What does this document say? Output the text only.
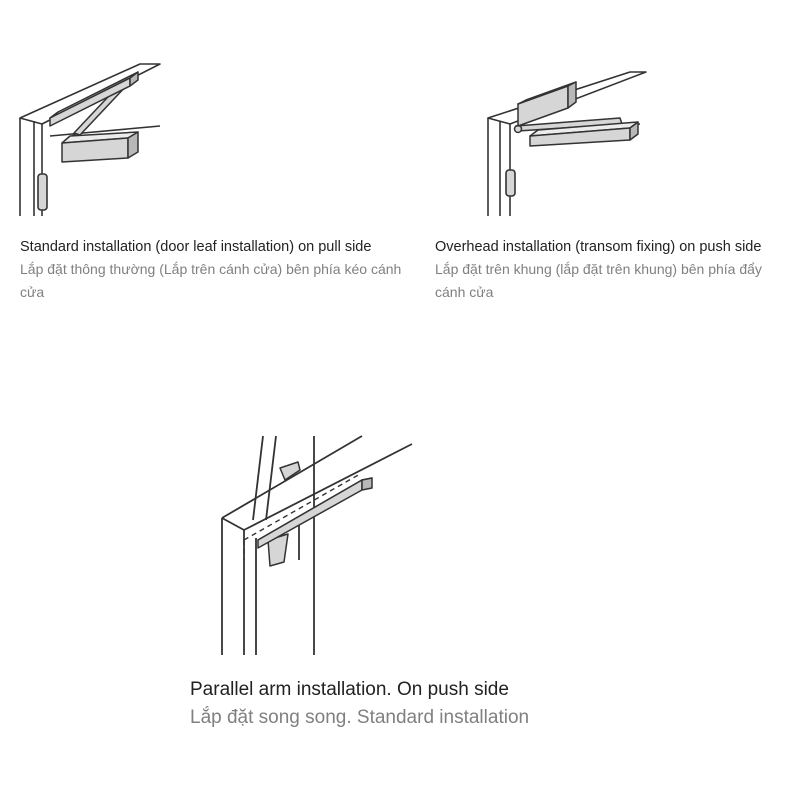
Standard installation (door leaf installation) on pull side
Lắp đặt thông thường (Lắp trên cánh cửa) bên phía kéo cánh cửa
Overhead installation (transom fixing) on push side
Lắp đặt trên khung (lắp đặt trên khung) bên phía đẩy cánh cửa
Parallel arm installation. On push side
Lắp đặt song song. Standard installation
